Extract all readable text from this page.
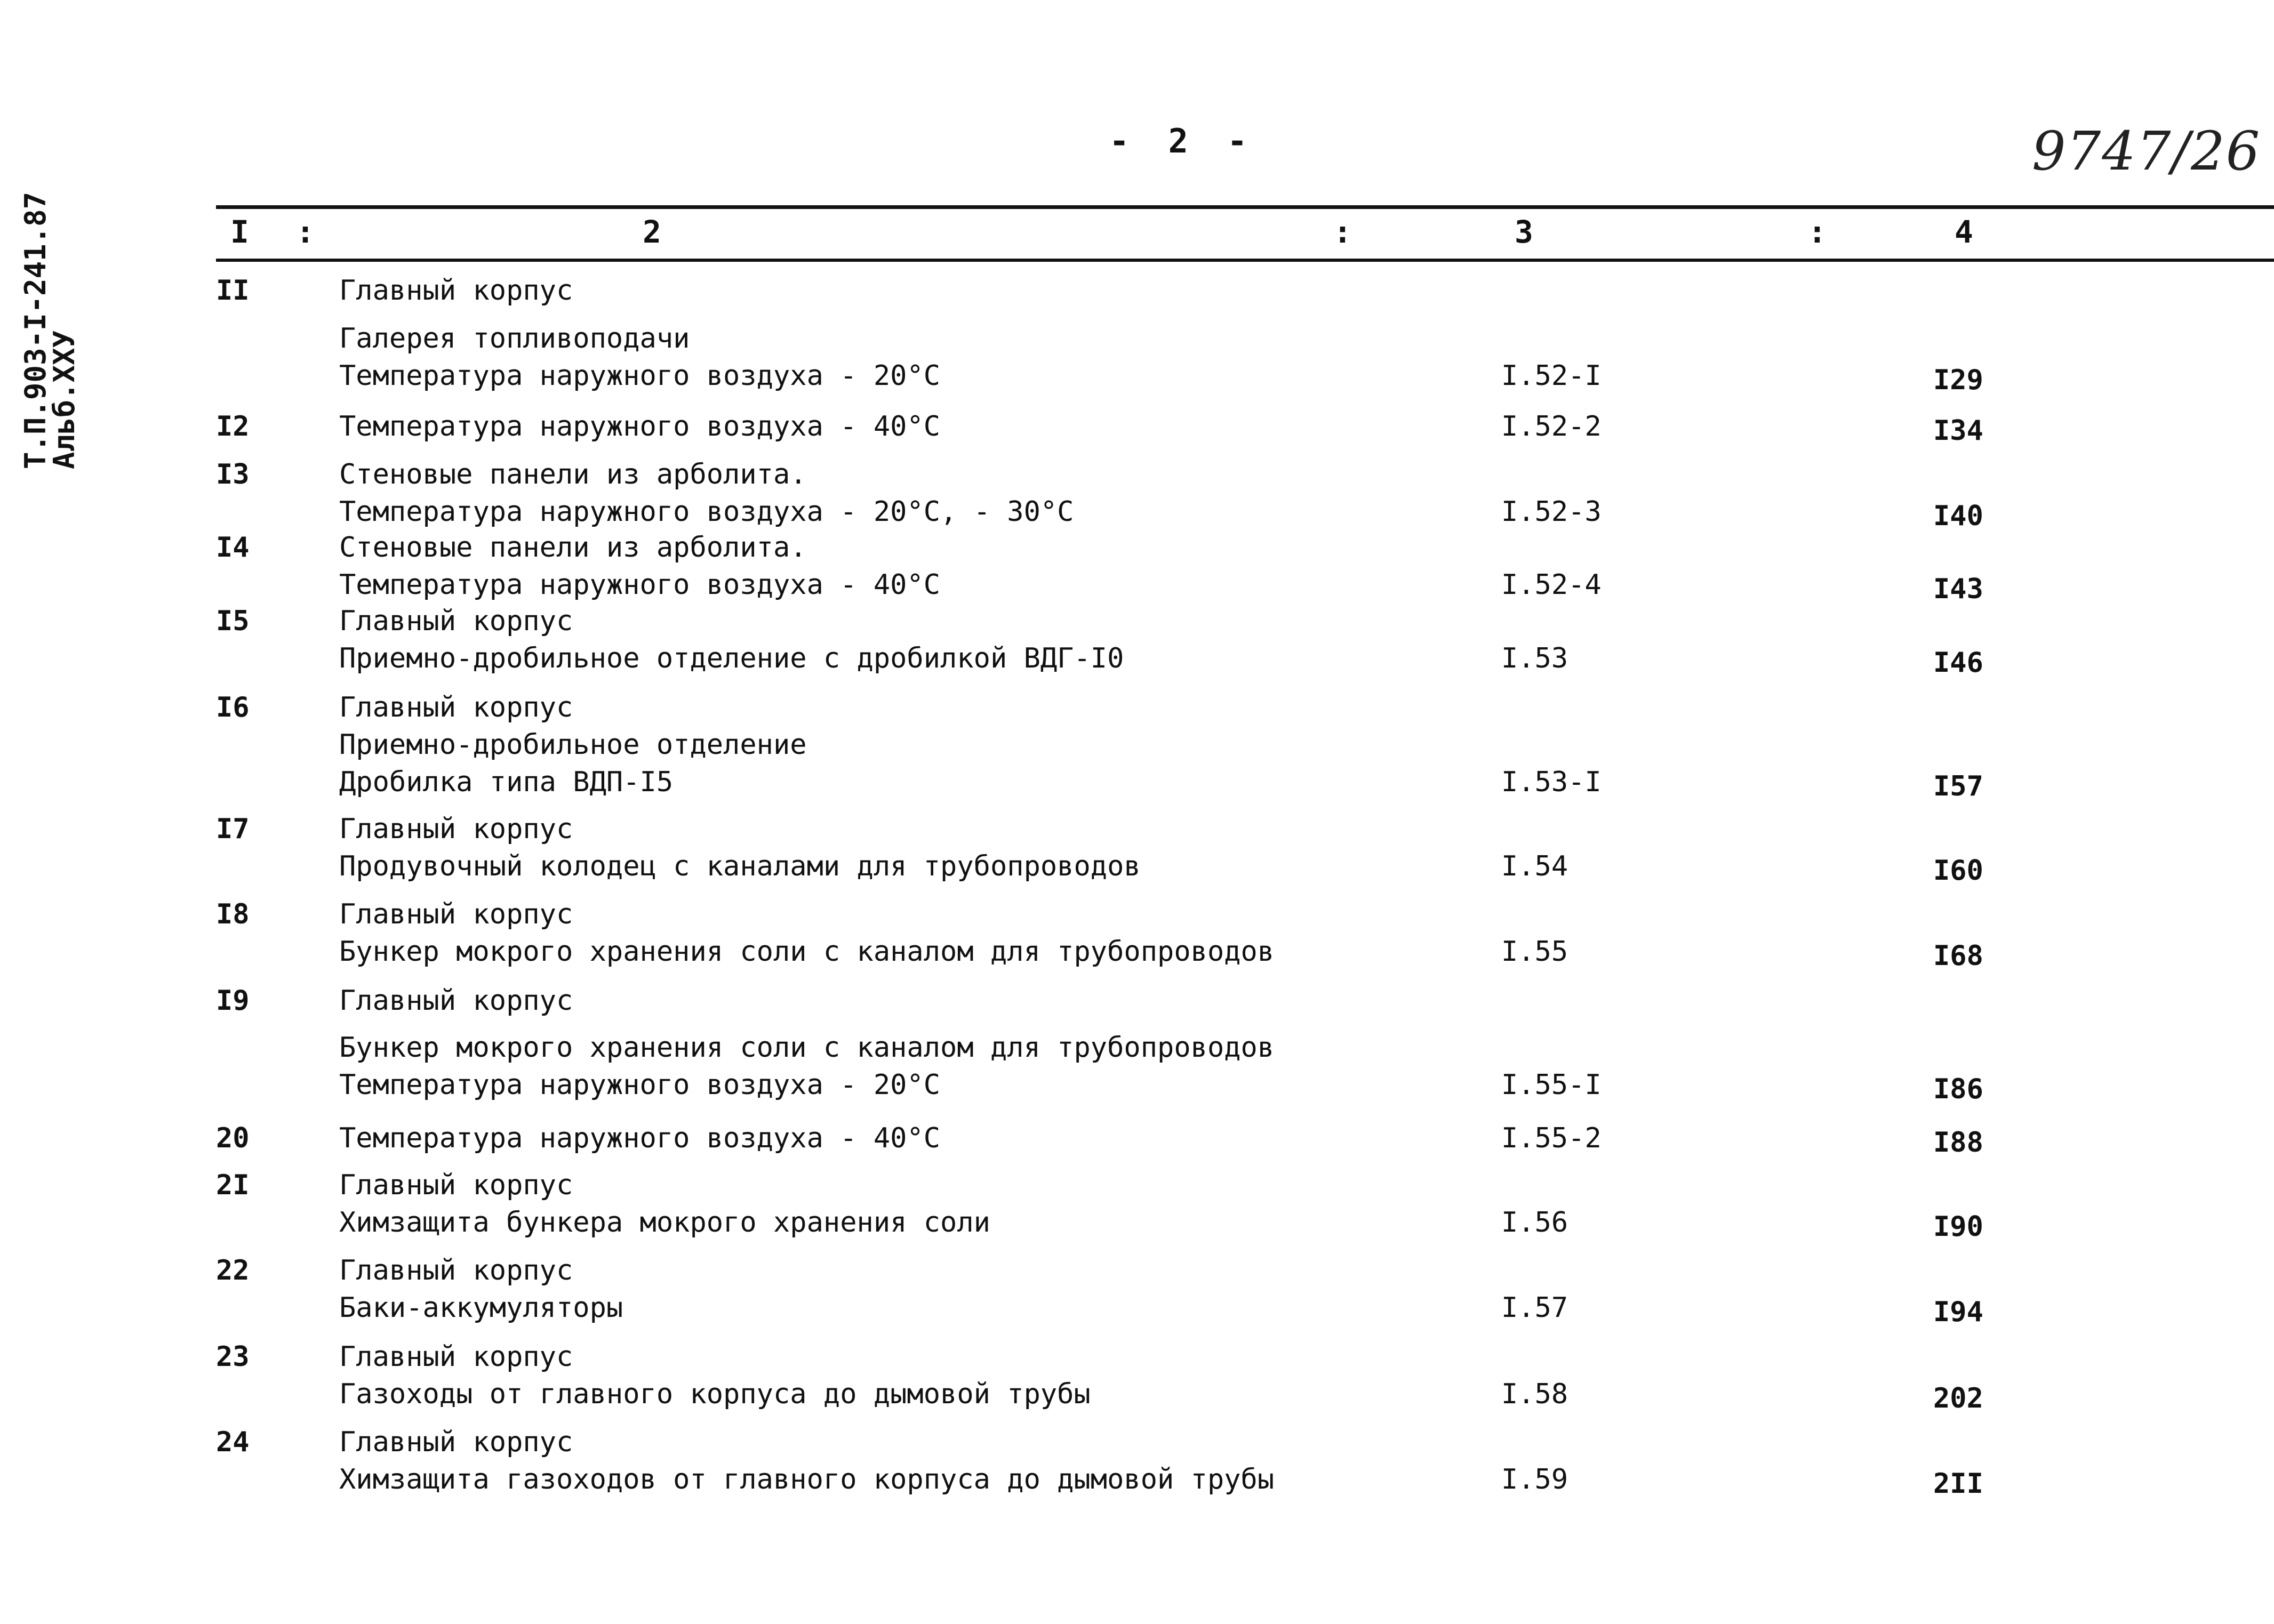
- 2 -	9747/26
Т.П.903-І-241.87
Альб.ХХУ
I :	2	:	3	:	4
II	Главный корпус
Галерея топливоподачи
Температура наружного воздуха - 20°С	I.52-I	I29
I2	Температура наружного воздуха - 40°С	I.52-2	I34
I3	Стеновые панели из арболита.
Температура наружного воздуха - 20°С, - 30°С	I.52-3	I40
I4	Стеновые панели из арболита.
Температура наружного воздуха - 40°С	I.52-4	I43
I5	Главный корпус
Приемно-дробильное отделение с дробилкой ВДГ-I0	I.53	I46
I6	Главный корпус
Приемно-дробильное отделение
Дробилка типа ВДП-I5	I.53-I	I57
I7	Главный корпус
Продувочный колодец с каналами для трубопроводов	I.54	I60
I8	Главный корпус
Бункер мокрого хранения соли с каналом для трубопроводов	I.55	I68
I9	Главный корпус
Бункер мокрого хранения соли с каналом для трубопроводов
Температура наружного воздуха - 20°С	I.55-I	I86
20	Температура наружного воздуха - 40°С	I.55-2	I88
2I	Главный корпус
Химзащита бункера мокрого хранения соли	I.56	I90
22	Главный корпус
Баки-аккумуляторы	I.57	I94
23	Главный корпус
Газоходы от главного корпуса до дымовой трубы	I.58	202
24	Главный корпус
Химзащита газоходов от главного корпуса до дымовой трубы	I.59	2II
